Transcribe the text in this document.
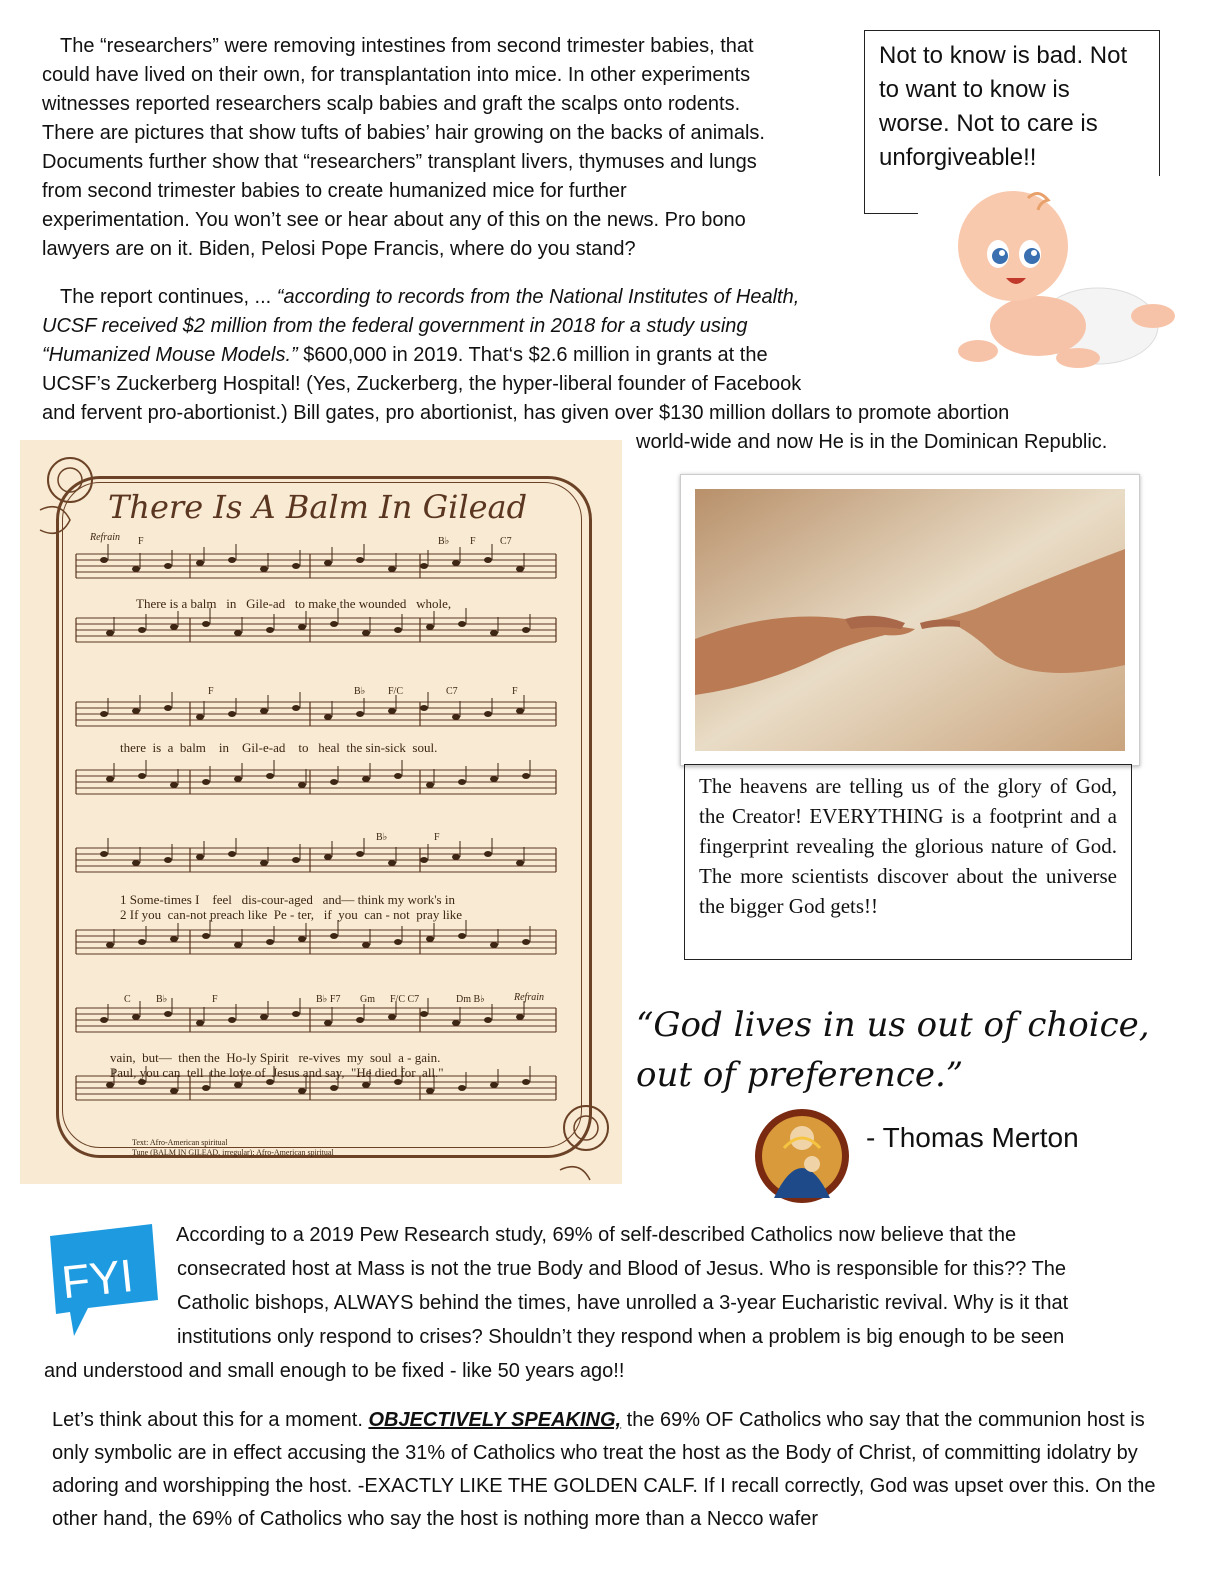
The “researchers” were removing intestines from second trimester babies, that

could have lived on their own, for transplantation into mice. In other experiments

witnesses reported researchers scalp babies and graft the scalps onto rodents.

There are pictures that show tufts of babies’ hair growing on the backs of animals.

Documents further show that “researchers” transplant livers, thymuses and lungs

from second trimester babies to create humanized mice for further

experimentation. You won’t see or hear about any of this on the news. Pro bono

lawyers are on it. Biden, Pelosi Pope Francis, where do you stand?

Not to know is bad. Not to want to know is worse. Not to care is unforgiveable!!

The report continues, ... “according to records from the National Institutes of Health,

UCSF received $2 million from the federal government in 2018 for a study using

“Humanized Mouse Models.” $600,000 in 2019. That‘s $2.6 million in grants at the

UCSF’s Zuckerberg Hospital! (Yes, Zuckerberg, the hyper-liberal founder of Facebook

and fervent pro-abortionist.) Bill gates, pro abortionist, has given over $130 million dollars to promote abortion

world-wide and now He is in the Dominican Republic.

There Is A Balm In Gilead
Refrain
Refrain
F	B♭ F C7
F	B♭ F/C	C7	F
B♭	F
C	B♭	F	B♭ F7 Gm F/C C7	Dm B♭
There is a balm   in   Gile-ad   to make the wounded   whole,
there  is  a  balm    in    Gil-e-ad    to   heal  the sin-sick  soul.
1 Some-times I    feel   dis-cour-aged   and— think my work's in
2 If you  can-not preach like  Pe - ter,   if  you  can - not  pray like
vain,  but—  then the  Ho-ly Spirit   re-vives  my  soul  a - gain.
Paul, you can  tell  the love of  Jesus and say,  "He died for  all."
Text: Afro-American spiritual
Tune (BALM IN GILEAD, irregular): Afro-American spiritual
The heavens are telling us of the glory of God, the Creator! EVERYTHING is a footprint and a fingerprint revealing the glorious nature of God. The more scientists discover about the universe the bigger God gets!!
“God lives in us out of choice, out of preference.”
- Thomas Merton
FYI

According to a 2019 Pew Research study, 69% of self-described Catholics now believe that the

consecrated host at Mass is not the true Body and Blood of Jesus. Who is responsible for this?? The

Catholic bishops, ALWAYS behind the times, have unrolled a 3-year Eucharistic revival. Why is it that

institutions only respond to crises? Shouldn’t they respond when a problem is big enough to be seen

and understood and small enough to be fixed - like 50 years ago!!

Let’s think about this for a moment. OBJECTIVELY SPEAKING, the 69% OF Catholics who say that the communion host is only symbolic are in effect accusing the 31% of Catholics who treat the host as the Body of Christ, of committing idolatry by adoring and worshipping the host. -EXACTLY LIKE THE GOLDEN CALF. If I recall correctly, God was upset over this. On the other hand, the 69% of Catholics who say the host is nothing more than a Necco wafer
